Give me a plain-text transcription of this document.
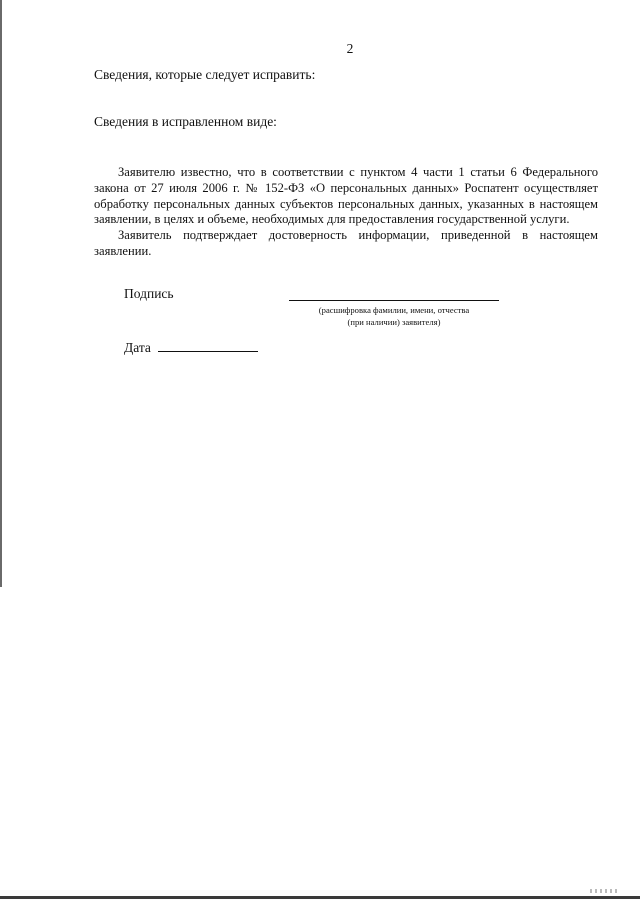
2
Сведения, которые следует исправить:
Сведения в исправленном виде:

Заявителю известно, что в соответствии с пунктом 4 части 1 статьи 6 Федерального закона от 27 июля 2006 г. № 152-ФЗ «О персональных данных» Роспатент осуществляет обработку персональных данных субъектов персональных данных, указанных в настоящем заявлении, в целях и объеме, необходимых для предоставления государственной услуги.

Заявитель подтверждает достоверность информации, приведенной в настоящем заявлении.

Подпись
(расшифровка фамилии, имени, отчества
(при наличии) заявителя)
Дата
